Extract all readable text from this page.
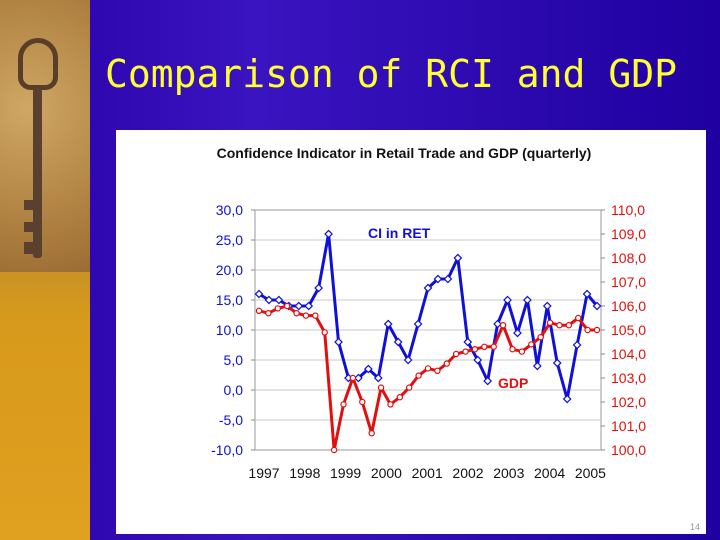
Comparison of RCI and GDP
Confidence Indicator in Retail Trade and GDP (quarterly)
30,0
25,0
20,0
15,0
10,0
5,0
0,0
-5,0
-10,0
110,0
109,0
108,0
107,0
106,0
105,0
104,0
103,0
102,0
101,0
100,0
1997 1998 1999 2000 2001 2002 2003 2004 2005
CI in RET
GDP
14
